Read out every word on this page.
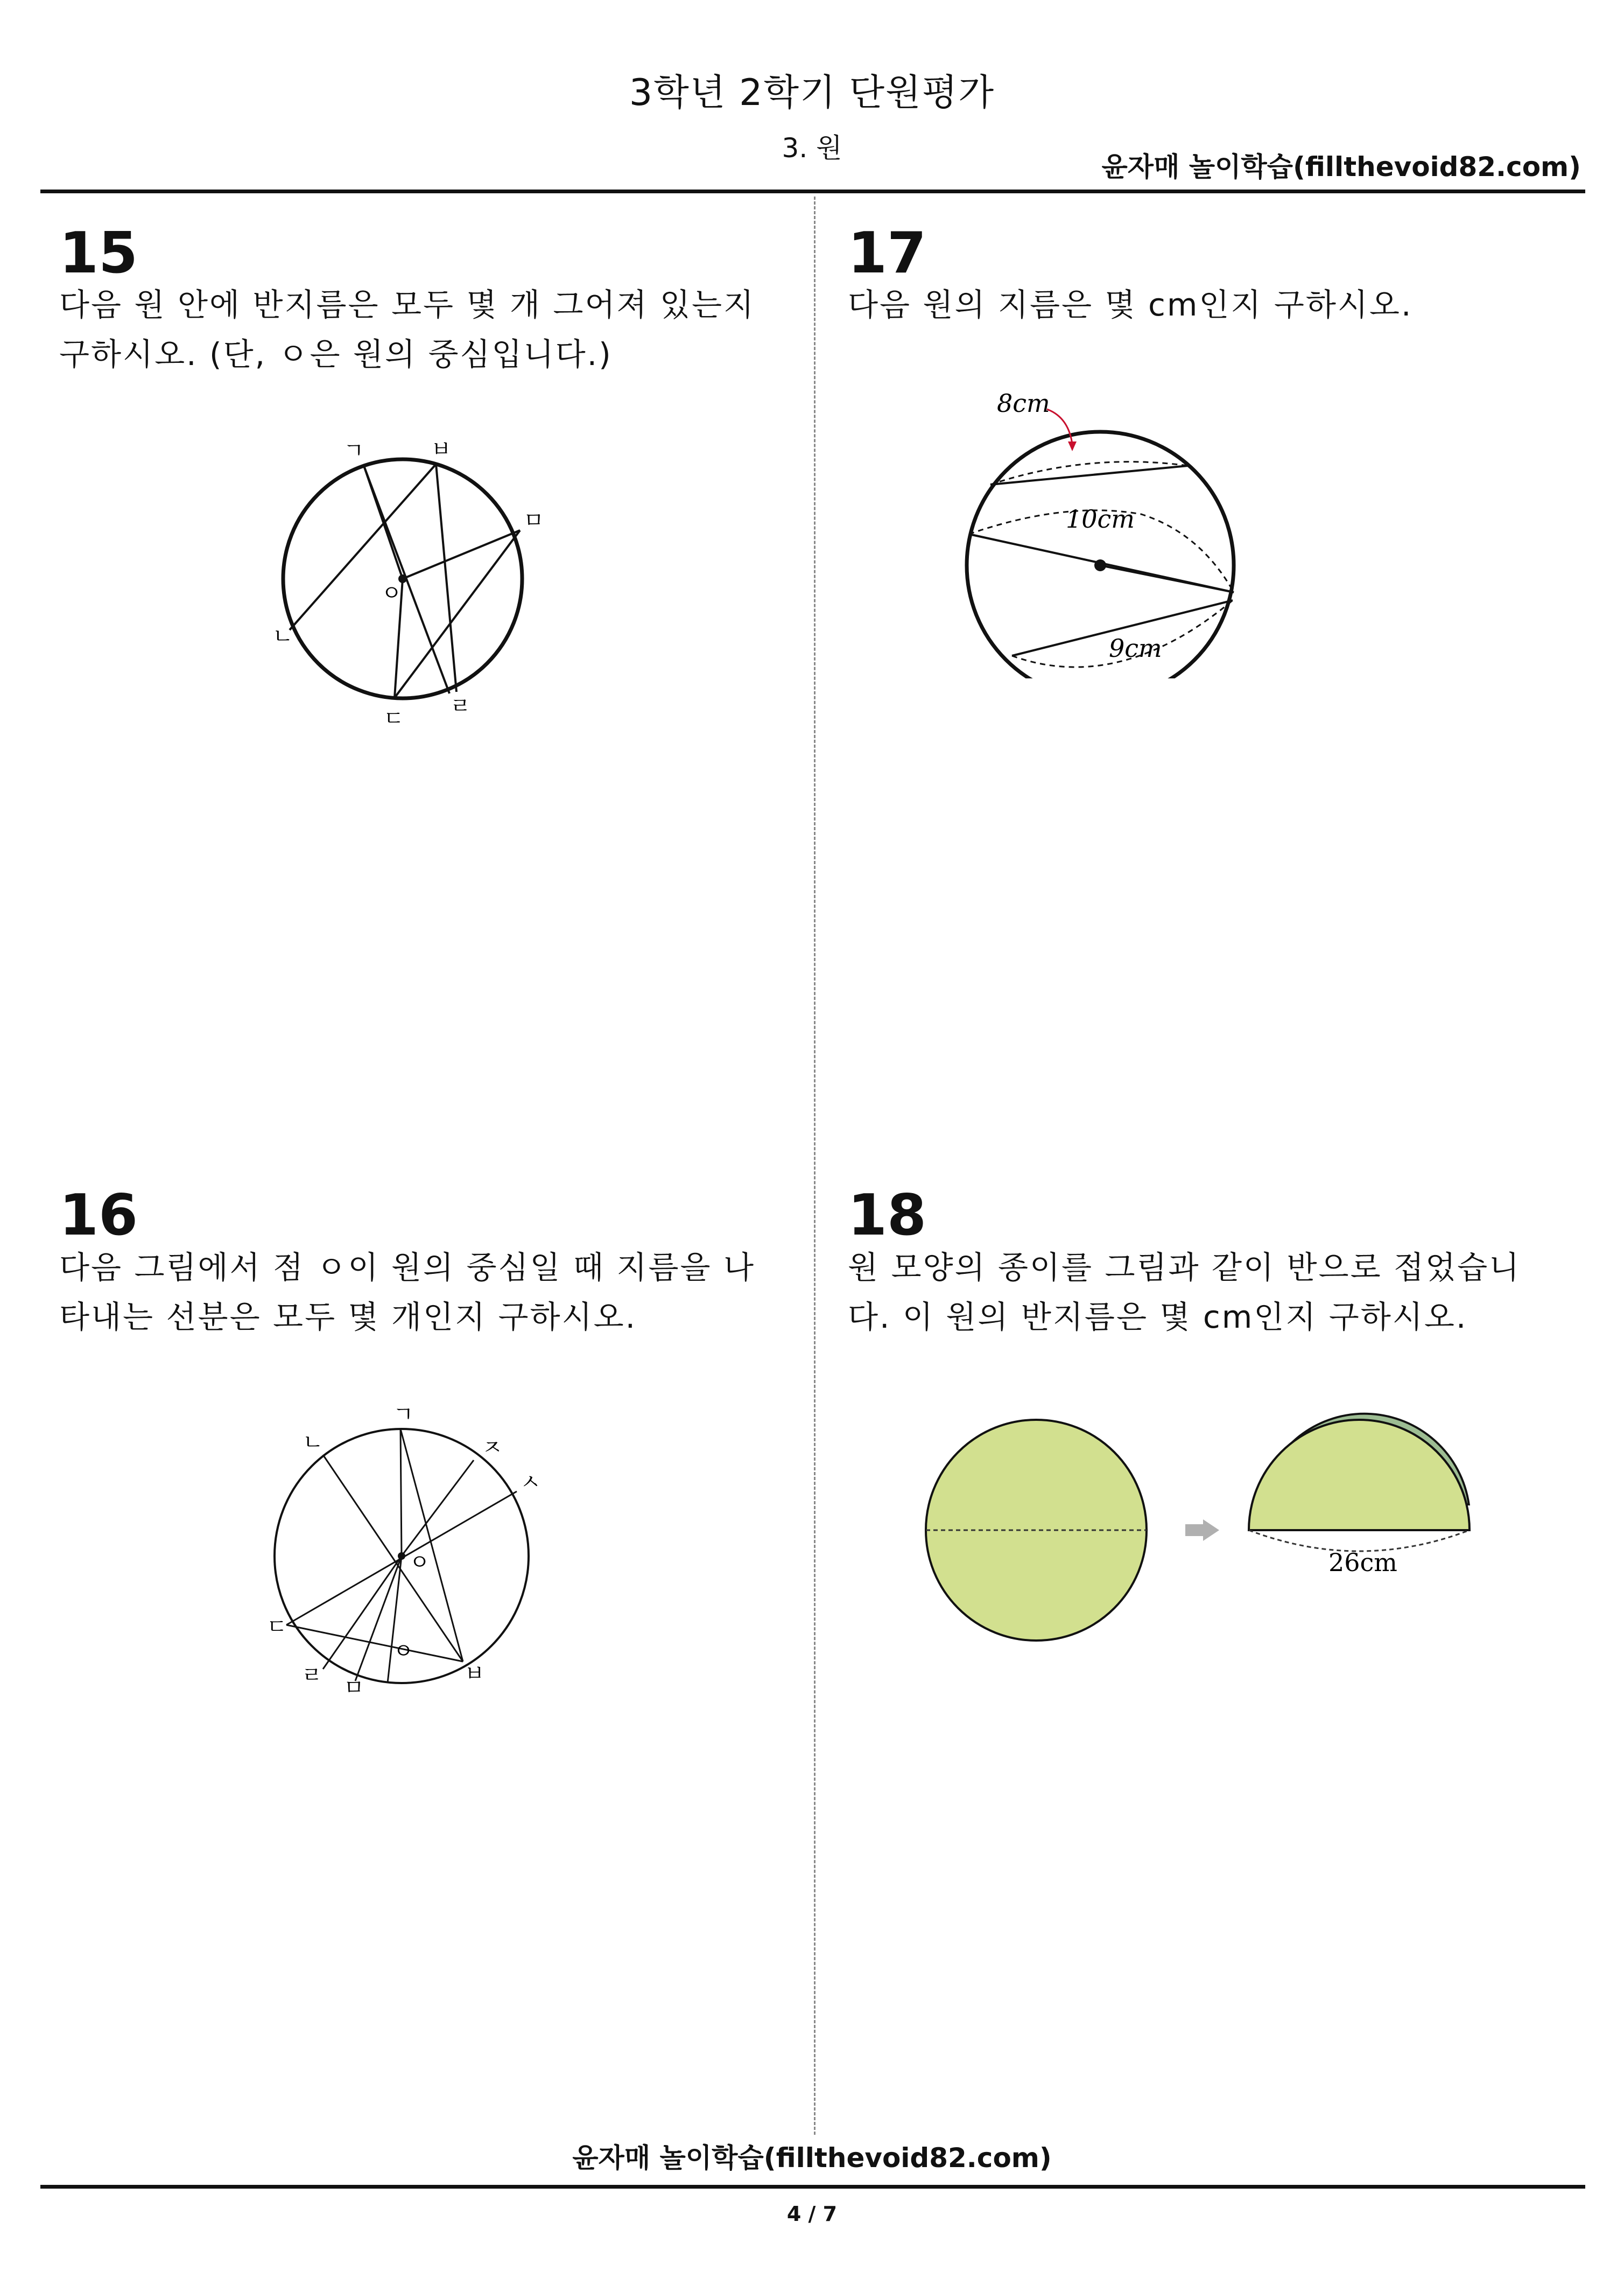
3학년 2학기 단원평가
3. 원
윤자매 놀이학습(fillthevoid82.com)
15
다음 원 안에 반지름은 모두 몇 개 그어져 있는지 구하시오. (단, ㅇ은 원의 중심입니다.)
ㄱ	ㅂ
ㅁ
ㄴ
ㅇ
ㄷ ㄹ
17
다음 원의 지름은 몇 cm인지 구하시오.
8cm
10cm
9cm
16
다음 그림에서 점 ㅇ이 원의 중심일 때 지름을 나타내는 선분은 모두 몇 개인지 구하시오.
ㄱ
ㄴ	ㅈ
ㅅ
ㅇ
ㄷ
ㅇ
ㄹ ㅁ
ㅂ
18
원 모양의 종이를 그림과 같이 반으로 접었습니다. 이 원의 반지름은 몇 cm인지 구하시오.
26cm
윤자매 놀이학습(fillthevoid82.com)
4 / 7
